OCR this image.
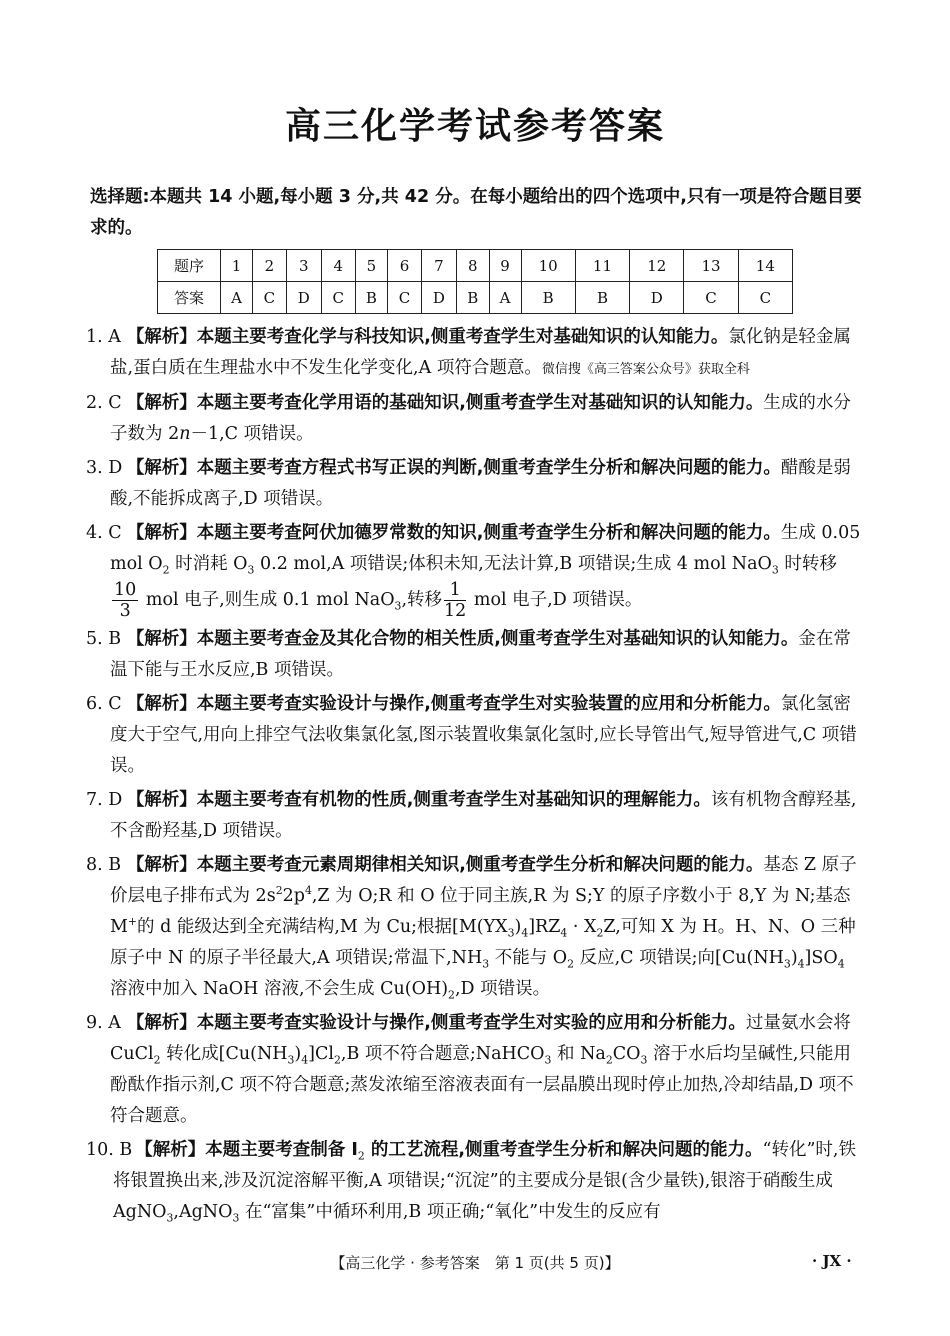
高三化学考试参考答案
选择题:本题共 14 小题,每小题 3 分,共 42 分。在每小题给出的四个选项中,只有一项是符合题目要求的。
题序	1	2	3	4	5	6	7	8	9	10	11	12	13	14
答案	A	C	D	C	B	C	D	B	A	B	B	D	C	C
1. A 【解析】本题主要考查化学与科技知识,侧重考查学生对基础知识的认知能力。氯化钠是轻金属盐,蛋白质在生理盐水中不发生化学变化,A 项符合题意。微信搜《高三答案公众号》获取全科
2. C 【解析】本题主要考查化学用语的基础知识,侧重考查学生对基础知识的认知能力。生成的水分子数为 2n－1,C 项错误。
3. D 【解析】本题主要考查方程式书写正误的判断,侧重考查学生分析和解决问题的能力。醋酸是弱酸,不能拆成离子,D 项错误。
4. C 【解析】本题主要考查阿伏加德罗常数的知识,侧重考查学生分析和解决问题的能力。生成 0.05 mol $O_2$ 时消耗 $O_3$ 0.2 mol,A 项错误;体积未知,无法计算,B 项错误;生成 4 mol NaO$_3$ 时转移
$\frac{10}{3}$ mol 电子,则生成 0.1 mol NaO$_3$,转移 $\frac{1}{12}$ mol 电子,D 项错误。
5. B 【解析】本题主要考查金及其化合物的相关性质,侧重考查学生对基础知识的认知能力。金在常温下能与王水反应,B 项错误。
6. C 【解析】本题主要考查实验设计与操作,侧重考查学生对实验装置的应用和分析能力。氯化氢密度大于空气,用向上排空气法收集氯化氢,图示装置收集氯化氢时,应长导管出气,短导管进气,C 项错误。
7. D 【解析】本题主要考查有机物的性质,侧重考查学生对基础知识的理解能力。该有机物含醇羟基,不含酚羟基,D 项错误。
8. B 【解析】本题主要考查元素周期律相关知识,侧重考查学生分析和解决问题的能力。基态 Z 原子价层电子排布式为 $2s^22p^4,Z$ 为 O;R 和 O 位于同主族,R 为 S;Y 的原子序数小于 8,Y 为 N;基态 M+的 d 能级达到全充满结构,M 为 Cu;根据$[M(YX_3)_4]RZ_4 \cdot X_2Z$,可知 X 为 H。H、N、O 三种原子中 N 的原子半径最大,A 项错误;常温下$,NH_3$ 不能与 $O_2$ 反应,C 项错误;向$[Cu(NH_3)_4]SO_4$ 溶液中加入 NaOH 溶液,不会生成 $Cu(OH)_2,D$ 项错误。
9. A 【解析】本题主要考查实验设计与操作,侧重考查学生对实验的应用和分析能力。过量氨水会将 CuCl$_2$ 转化成$[Cu(NH_3)_4]Cl_2,B$ 项不符合题意;NaHCO$_3$ 和 $Na_2CO_3$ 溶于水后均呈碱性,只能用酚酞作指示剂,C 项不符合题意;蒸发浓缩至溶液表面有一层晶膜出现时停止加热,冷却结晶,D 项不符合题意。
10. B 【解析】本题主要考查制备 $I_2$ 的工艺流程,侧重考查学生分析和解决问题的能力。“转化”时,铁将银置换出来,涉及沉淀溶解平衡,A 项错误;“沉淀”的主要成分是银(含少量铁),银溶于硝酸生成 AgNO$_3$,AgNO$_3$ 在“富集”中循环利用,B 项正确;“氧化”中发生的反应有
【高三化学 · 参考答案　第 1 页(共 5 页)】	· JX ·
